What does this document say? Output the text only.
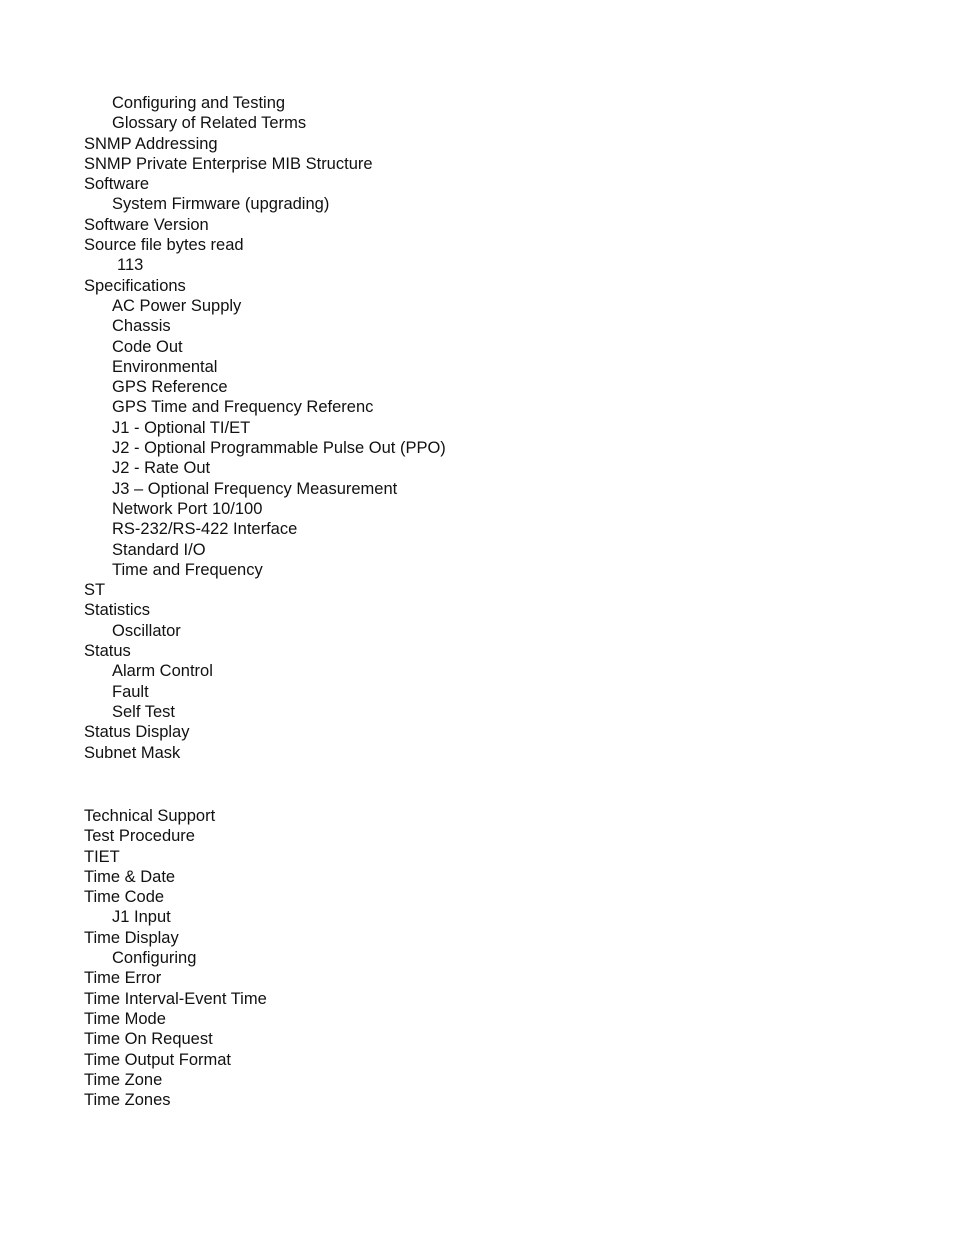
Configuring and Testing
Glossary of Related Terms
SNMP Addressing
SNMP Private Enterprise MIB Structure
Software
System Firmware (upgrading)
Software Version
Source file bytes read
113
Specifications
AC Power Supply
Chassis
Code Out
Environmental
GPS Reference
GPS Time and Frequency Referenc
J1 - Optional TI/ET
J2 - Optional Programmable Pulse Out (PPO)
J2 - Rate Out
J3 – Optional Frequency Measurement
Network Port 10/100
RS-232/RS-422 Interface
Standard I/O
Time and Frequency
ST
Statistics
Oscillator
Status
Alarm Control
Fault
Self Test
Status Display
Subnet Mask
Technical Support
Test Procedure
TIET
Time & Date
Time Code
J1 Input
Time Display
Configuring
Time Error
Time Interval-Event Time
Time Mode
Time On Request
Time Output Format
Time Zone
Time Zones
